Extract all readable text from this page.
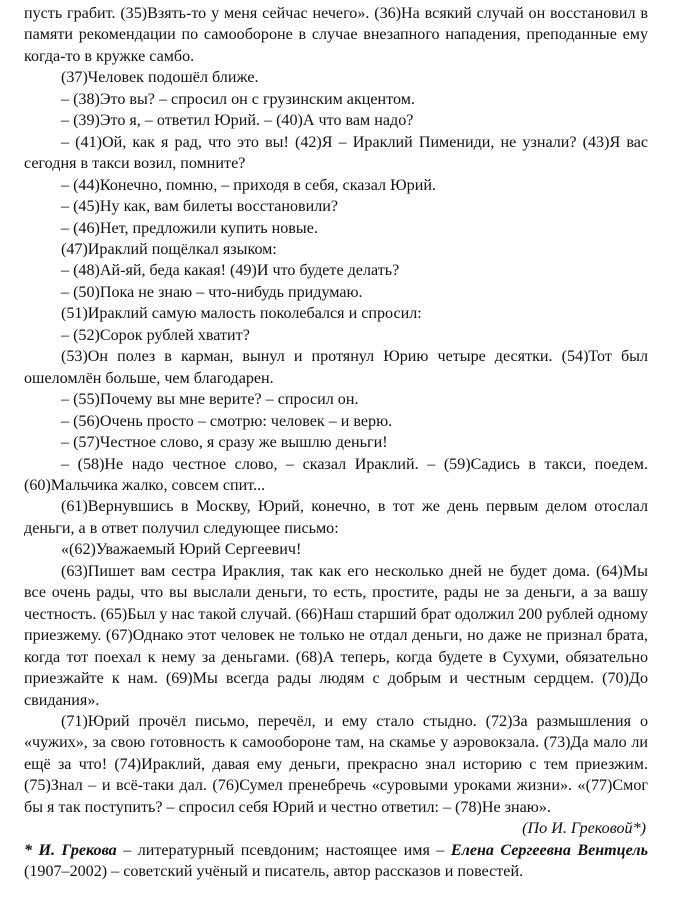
пусть грабит. (35)Взять-то у меня сейчас нечего». (36)На всякий случай он восстановил в памяти рекомендации по самообороне в случае внезапного нападения, преподанные ему когда-то в кружке самбо.

(37)Человек подошёл ближе.

– (38)Это вы? – спросил он с грузинским акцентом.

– (39)Это я, – ответил Юрий. – (40)А что вам надо?

– (41)Ой, как я рад, что это вы! (42)Я – Ираклий Пимениди, не узнали? (43)Я вас сегодня в такси возил, помните?

– (44)Конечно, помню, – приходя в себя, сказал Юрий.

– (45)Ну как, вам билеты восстановили?

– (46)Нет, предложили купить новые.

(47)Ираклий пощёлкал языком:

– (48)Ай-яй, беда какая! (49)И что будете делать?

– (50)Пока не знаю – что-нибудь придумаю.

(51)Ираклий самую малость поколебался и спросил:

– (52)Сорок рублей хватит?

(53)Он полез в карман, вынул и протянул Юрию четыре десятки. (54)Тот был ошеломлён больше, чем благодарен.

– (55)Почему вы мне верите? – спросил он.

– (56)Очень просто – смотрю: человек – и верю.

– (57)Честное слово, я сразу же вышлю деньги!

– (58)Не надо честное слово, – сказал Ираклий. – (59)Садись в такси, поедем. (60)Мальчика жалко, совсем спит...

(61)Вернувшись в Москву, Юрий, конечно, в тот же день первым делом отослал деньги, а в ответ получил следующее письмо:

«(62)Уважаемый Юрий Сергеевич!

(63)Пишет вам сестра Ираклия, так как его несколько дней не будет дома. (64)Мы все очень рады, что вы выслали деньги, то есть, простите, рады не за деньги, а за вашу честность. (65)Был у нас такой случай. (66)Наш старший брат одолжил 200 рублей одному приезжему. (67)Однако этот человек не только не отдал деньги, но даже не признал брата, когда тот поехал к нему за деньгами. (68)А теперь, когда будете в Сухуми, обязательно приезжайте к нам. (69)Мы всегда рады людям с добрым и честным сердцем. (70)До свидания».

(71)Юрий прочёл письмо, перечёл, и ему стало стыдно. (72)За размышления о «чужих», за свою готовность к самообороне там, на скамье у аэровокзала. (73)Да мало ли ещё за что! (74)Ираклий, давая ему деньги, прекрасно знал историю с тем приезжим. (75)Знал – и всё-таки дал. (76)Сумел пренебречь «суровыми уроками жизни». «(77)Смог бы я так поступить? – спросил себя Юрий и честно ответил: – (78)Не знаю».

(По И. Грековой*)

* И. Грекова – литературный псевдоним; настоящее имя – Елена Сергеевна Вентцель (1907–2002) – советский учёный и писатель, автор рассказов и повестей.
